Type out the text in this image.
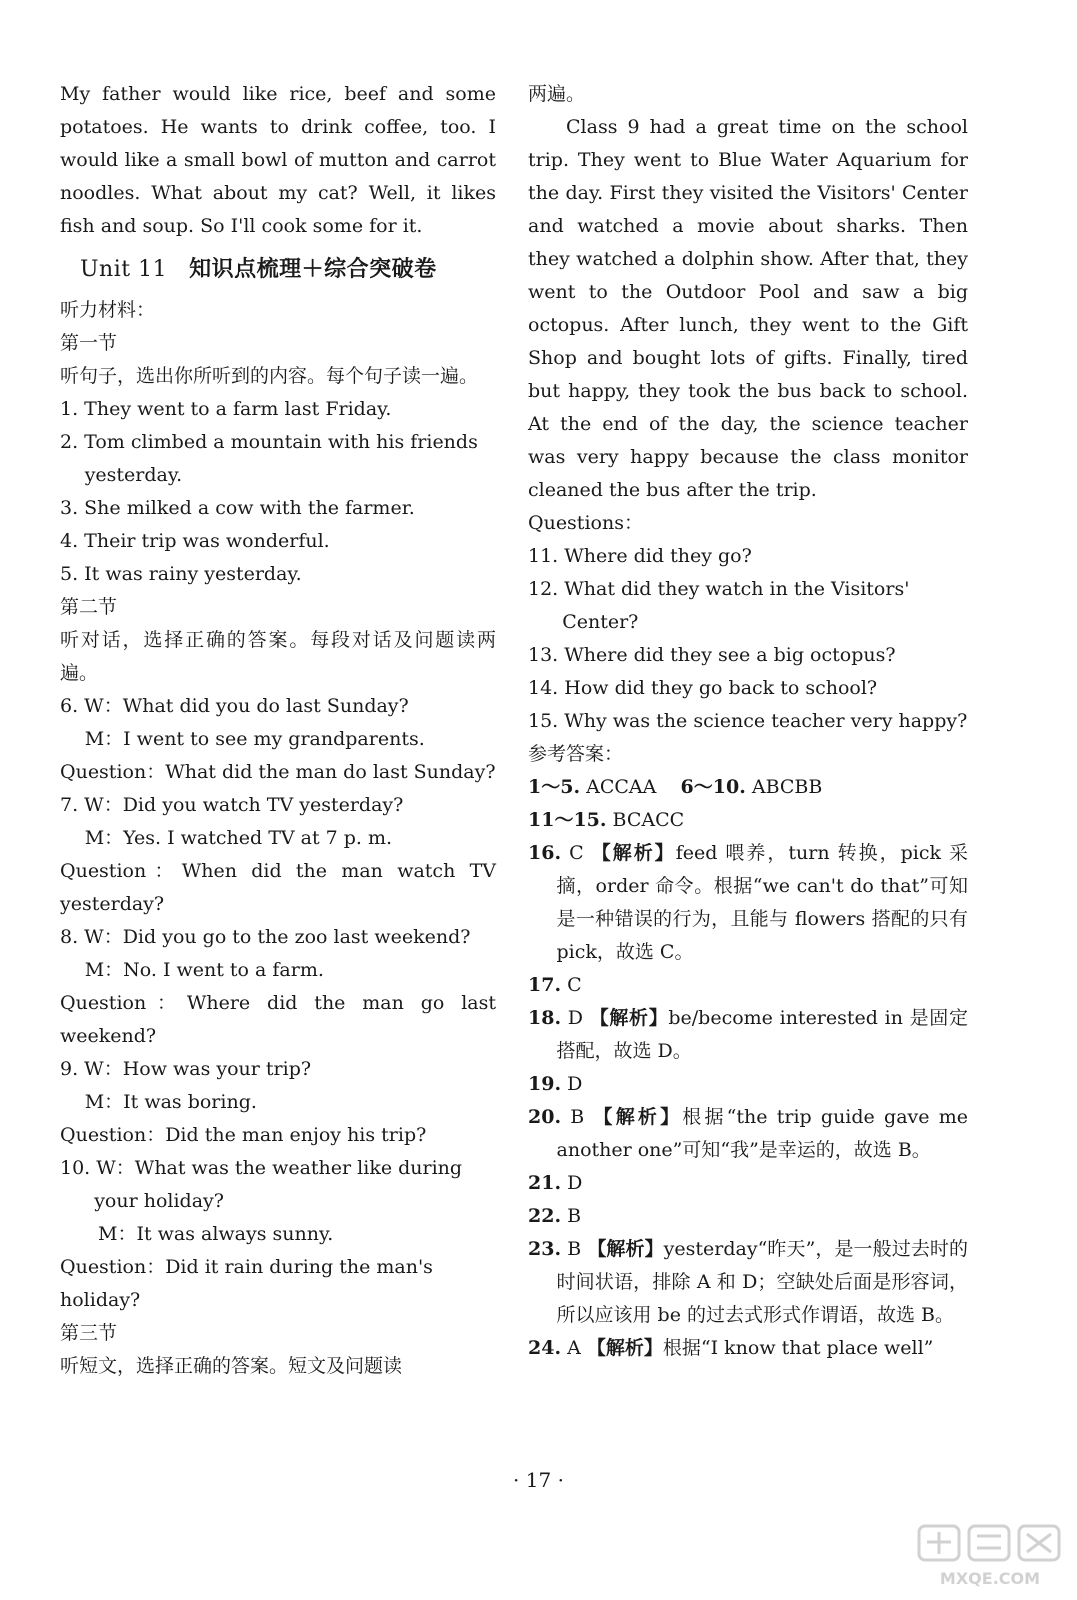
My father would like rice, beef and some potatoes. He wants to drink coffee, too. I would like a small bowl of mutton and carrot noodles. What about my cat? Well, it likes fish and soup. So I'll cook some for it.

Unit 11 知识点梳理＋综合突破卷

听力材料：

第一节

听句子，选出你所听到的内容。每个句子读一遍。

1. They went to a farm last Friday.

2. Tom climbed a mountain with his friends yesterday.

3. She milked a cow with the farmer.

4. Their trip was wonderful.

5. It was rainy yesterday.

第二节

听对话，选择正确的答案。每段对话及问题读两遍。

6. W：What did you do last Sunday?

M：I went to see my grandparents.

Question：What did the man do last Sunday?

7. W：Did you watch TV yesterday?

M：Yes. I watched TV at 7 p. m.

Question：When did the man watch TV yesterday?

8. W：Did you go to the zoo last weekend?

M：No. I went to a farm.

Question：Where did the man go last weekend?

9. W：How was your trip?

M：It was boring.

Question：Did the man enjoy his trip?

10. W：What was the weather like during your holiday?

M：It was always sunny.

Question：Did it rain during the man's holiday?

第三节

听短文，选择正确的答案。短文及问题读

两遍。

Class 9 had a great time on the school trip. They went to Blue Water Aquarium for the day. First they visited the Visitors' Center and watched a movie about sharks. Then they watched a dolphin show. After that, they went to the Outdoor Pool and saw a big octopus. After lunch, they went to the Gift Shop and bought lots of gifts. Finally, tired but happy, they took the bus back to school. At the end of the day, the science teacher was very happy because the class monitor cleaned the bus after the trip.

Questions：

11. Where did they go?

12. What did they watch in the Visitors' Center?

13. Where did they see a big octopus?

14. How did they go back to school?

15. Why was the science teacher very happy?

参考答案：

1～5. ACCAA 6～10. ABCBB

11～15. BCACC

16. C 【解析】feed 喂养，turn 转换，pick 采摘，order 命令。根据“we can't do that”可知是一种错误的行为，且能与 flowers 搭配的只有 pick，故选 C。

17. C

18. D 【解析】be/become interested in 是固定搭配，故选 D。

19. D

20. B 【解析】根据“the trip guide gave me another one”可知“我”是幸运的，故选 B。

21. D

22. B

23. B 【解析】yesterday“昨天”，是一般过去时的时间状语，排除 A 和 D；空缺处后面是形容词，所以应该用 be 的过去式形式作谓语，故选 B。

24. A 【解析】根据“I know that place well”

· 17 ·
MXQE.COM
